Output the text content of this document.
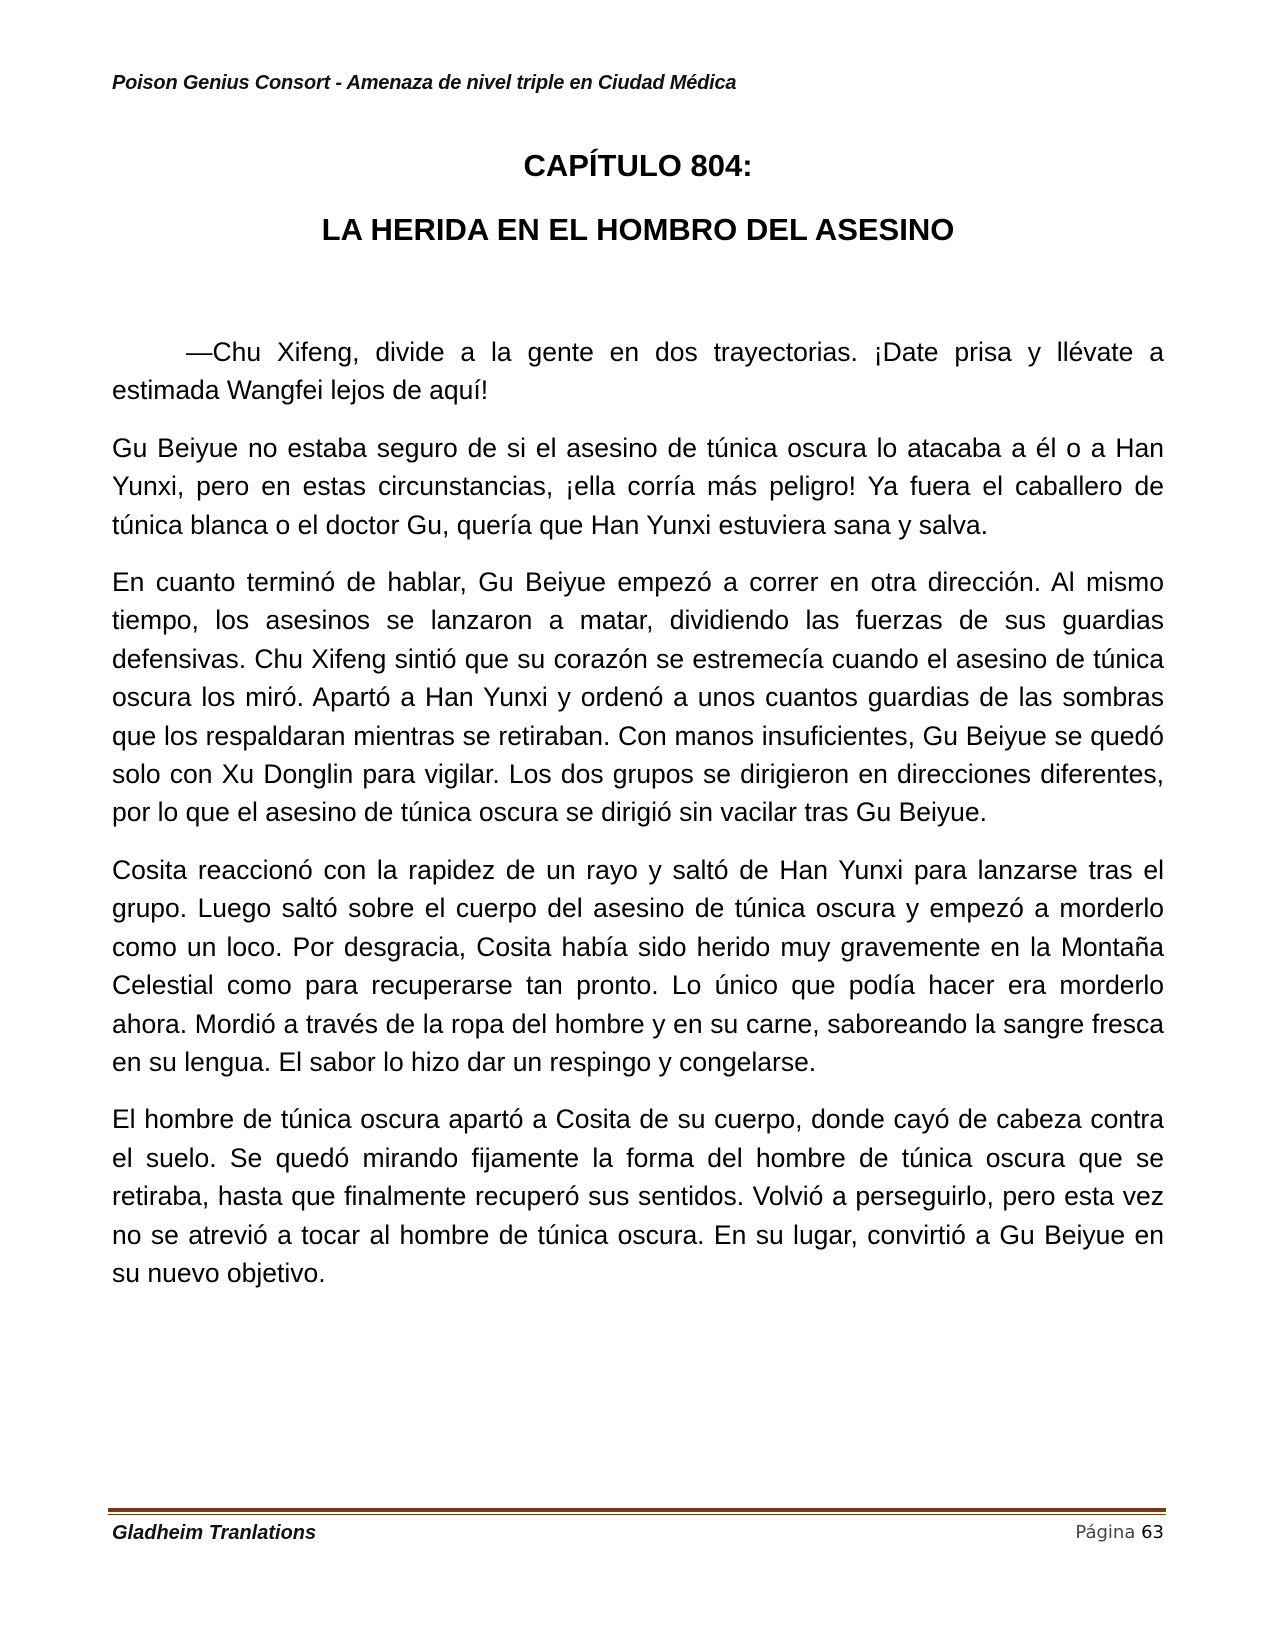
Poison Genius Consort - Amenaza de nivel triple en Ciudad Médica
CAPÍTULO 804:
LA HERIDA EN EL HOMBRO DEL ASESINO

—Chu Xifeng, divide a la gente en dos trayectorias. ¡Date prisa y llévate a estimada Wangfei lejos de aquí!

Gu Beiyue no estaba seguro de si el asesino de túnica oscura lo atacaba a él o a Han Yunxi, pero en estas circunstancias, ¡ella corría más peligro! Ya fuera el caballero de túnica blanca o el doctor Gu, quería que Han Yunxi estuviera sana y salva.

En cuanto terminó de hablar, Gu Beiyue empezó a correr en otra dirección. Al mismo tiempo, los asesinos se lanzaron a matar, dividiendo las fuerzas de sus guardias defensivas. Chu Xifeng sintió que su corazón se estremecía cuando el asesino de túnica oscura los miró. Apartó a Han Yunxi y ordenó a unos cuantos guardias de las sombras que los respaldaran mientras se retiraban. Con manos insuficientes, Gu Beiyue se quedó solo con Xu Donglin para vigilar. Los dos grupos se dirigieron en direcciones diferentes, por lo que el asesino de túnica oscura se dirigió sin vacilar tras Gu Beiyue.

Cosita reaccionó con la rapidez de un rayo y saltó de Han Yunxi para lanzarse tras el grupo. Luego saltó sobre el cuerpo del asesino de túnica oscura y empezó a morderlo como un loco. Por desgracia, Cosita había sido herido muy gravemente en la Montaña Celestial como para recuperarse tan pronto. Lo único que podía hacer era morderlo ahora. Mordió a través de la ropa del hombre y en su carne, saboreando la sangre fresca en su lengua. El sabor lo hizo dar un respingo y congelarse.

El hombre de túnica oscura apartó a Cosita de su cuerpo, donde cayó de cabeza contra el suelo. Se quedó mirando fijamente la forma del hombre de túnica oscura que se retiraba, hasta que finalmente recuperó sus sentidos. Volvió a perseguirlo, pero esta vez no se atrevió a tocar al hombre de túnica oscura. En su lugar, convirtió a Gu Beiyue en su nuevo objetivo.

Gladheim Tranlations	Página 63
